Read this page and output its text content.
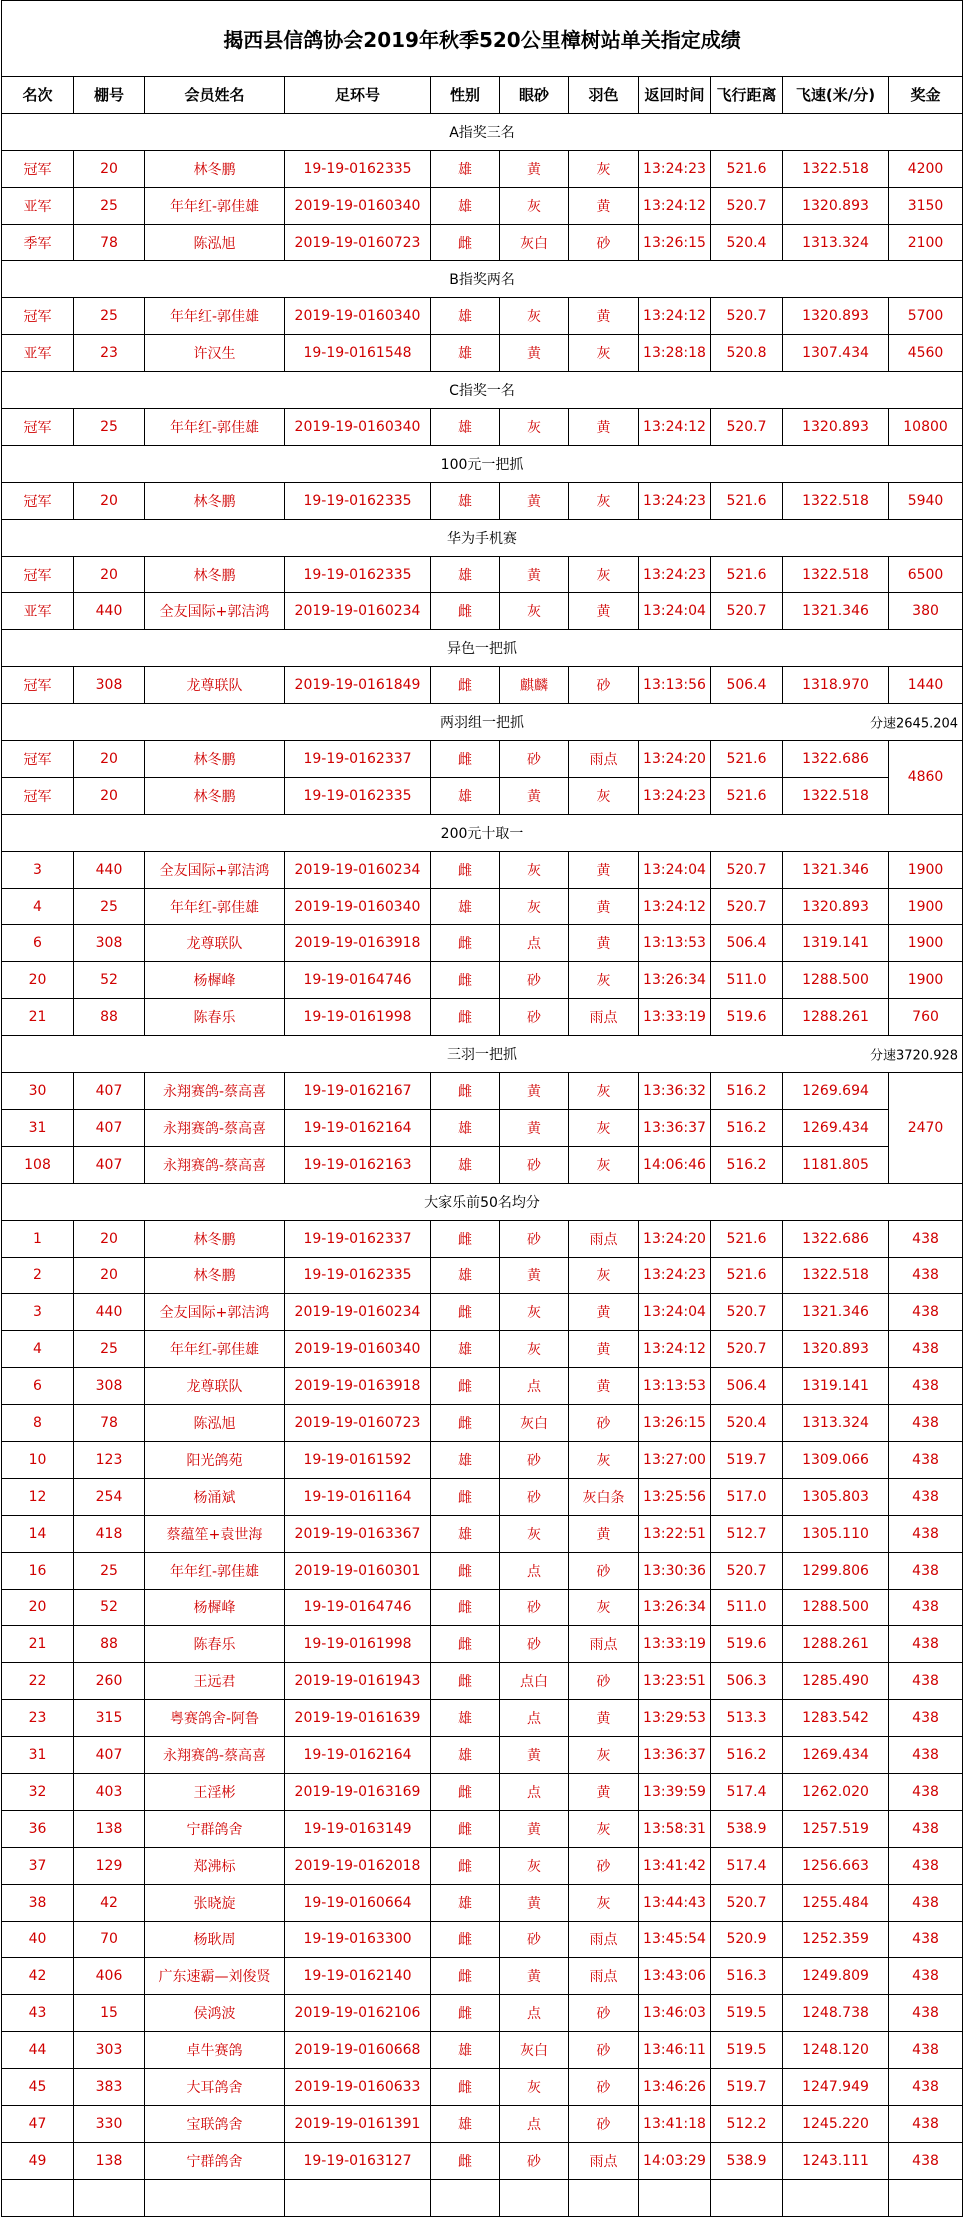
揭西县信鸽协会2019年秋季520公里樟树站单关指定成绩										
名次	棚号	会员姓名	足环号	性别	眼砂	羽色	返回时间	飞行距离	飞速(米/分)	奖金

A指奖三名										

冠军	20	林冬鹏	19-19-0162335	雄	黄	灰	13:24:23	521.6	1322.518	4200
亚军	25	年年红-郭佳雄	2019-19-0160340	雄	灰	黄	13:24:12	520.7	1320.893	3150
季军	78	陈泓旭	2019-19-0160723	雌	灰白	砂	13:26:15	520.4	1313.324	2100

B指奖两名										

冠军	25	年年红-郭佳雄	2019-19-0160340	雄	灰	黄	13:24:12	520.7	1320.893	5700
亚军	23	许汉生	19-19-0161548	雄	黄	灰	13:28:18	520.8	1307.434	4560

C指奖一名										

冠军	25	年年红-郭佳雄	2019-19-0160340	雄	灰	黄	13:24:12	520.7	1320.893	10800

100元一把抓										

冠军	20	林冬鹏	19-19-0162335	雄	黄	灰	13:24:23	521.6	1322.518	5940

华为手机赛										

冠军	20	林冬鹏	19-19-0162335	雄	黄	灰	13:24:23	521.6	1322.518	6500
亚军	440	全友国际+郭洁鸿	2019-19-0160234	雌	灰	黄	13:24:04	520.7	1321.346	380

异色一把抓										

冠军	308	龙尊联队	2019-19-0161849	雌	麒麟	砂	13:13:56	506.4	1318.970	1440

两羽组一把抓 分速2645.204										

冠军	20	林冬鹏	19-19-0162337	雌	砂	雨点	13:24:20	521.6	1322.686	4860
冠军	20	林冬鹏	19-19-0162335	雄	黄	灰	13:24:23	521.6	1322.518	

200元十取一										

3	440	全友国际+郭洁鸿	2019-19-0160234	雌	灰	黄	13:24:04	520.7	1321.346	1900
4	25	年年红-郭佳雄	2019-19-0160340	雄	灰	黄	13:24:12	520.7	1320.893	1900
6	308	龙尊联队	2019-19-0163918	雌	点	黄	13:13:53	506.4	1319.141	1900
20	52	杨樨峰	19-19-0164746	雌	砂	灰	13:26:34	511.0	1288.500	1900
21	88	陈春乐	19-19-0161998	雌	砂	雨点	13:33:19	519.6	1288.261	760

三羽一把抓 分速3720.928										

30	407	永翔赛鸽-蔡高喜	19-19-0162167	雌	黄	灰	13:36:32	516.2	1269.694	2470
31	407	永翔赛鸽-蔡高喜	19-19-0162164	雄	黄	灰	13:36:37	516.2	1269.434	
108	407	永翔赛鸽-蔡高喜	19-19-0162163	雄	砂	灰	14:06:46	516.2	1181.805	

大家乐前50名均分										

1	20	林冬鹏	19-19-0162337	雌	砂	雨点	13:24:20	521.6	1322.686	438
2	20	林冬鹏	19-19-0162335	雄	黄	灰	13:24:23	521.6	1322.518	438
3	440	全友国际+郭洁鸿	2019-19-0160234	雌	灰	黄	13:24:04	520.7	1321.346	438
4	25	年年红-郭佳雄	2019-19-0160340	雄	灰	黄	13:24:12	520.7	1320.893	438
6	308	龙尊联队	2019-19-0163918	雌	点	黄	13:13:53	506.4	1319.141	438
8	78	陈泓旭	2019-19-0160723	雌	灰白	砂	13:26:15	520.4	1313.324	438
10	123	阳光鸽苑	19-19-0161592	雄	砂	灰	13:27:00	519.7	1309.066	438
12	254	杨涌斌	19-19-0161164	雌	砂	灰白条	13:25:56	517.0	1305.803	438
14	418	蔡蕴笙+袁世海	2019-19-0163367	雄	灰	黄	13:22:51	512.7	1305.110	438
16	25	年年红-郭佳雄	2019-19-0160301	雌	点	砂	13:30:36	520.7	1299.806	438
20	52	杨樨峰	19-19-0164746	雌	砂	灰	13:26:34	511.0	1288.500	438
21	88	陈春乐	19-19-0161998	雌	砂	雨点	13:33:19	519.6	1288.261	438
22	260	王远君	2019-19-0161943	雌	点白	砂	13:23:51	506.3	1285.490	438
23	315	粤赛鸽舍-阿鲁	2019-19-0161639	雄	点	黄	13:29:53	513.3	1283.542	438
31	407	永翔赛鸽-蔡高喜	19-19-0162164	雄	黄	灰	13:36:37	516.2	1269.434	438
32	403	王淫彬	2019-19-0163169	雌	点	黄	13:39:59	517.4	1262.020	438
36	138	宁群鸽舍	19-19-0163149	雌	黄	灰	13:58:31	538.9	1257.519	438
37	129	郑沸标	2019-19-0162018	雌	灰	砂	13:41:42	517.4	1256.663	438
38	42	张晓旋	19-19-0160664	雄	黄	灰	13:44:43	520.7	1255.484	438
40	70	杨耿周	19-19-0163300	雌	砂	雨点	13:45:54	520.9	1252.359	438
42	406	广东速霸—刘俊贤	19-19-0162140	雌	黄	雨点	13:43:06	516.3	1249.809	438
43	15	侯鸿波	2019-19-0162106	雌	点	砂	13:46:03	519.5	1248.738	438
44	303	卓牛赛鸽	2019-19-0160668	雄	灰白	砂	13:46:11	519.5	1248.120	438
45	383	大耳鸽舍	2019-19-0160633	雌	灰	砂	13:46:26	519.7	1247.949	438
47	330	宝联鸽舍	2019-19-0161391	雄	点	砂	13:41:18	512.2	1245.220	438
49	138	宁群鸽舍	19-19-0163127	雌	砂	雨点	14:03:29	538.9	1243.111	438
